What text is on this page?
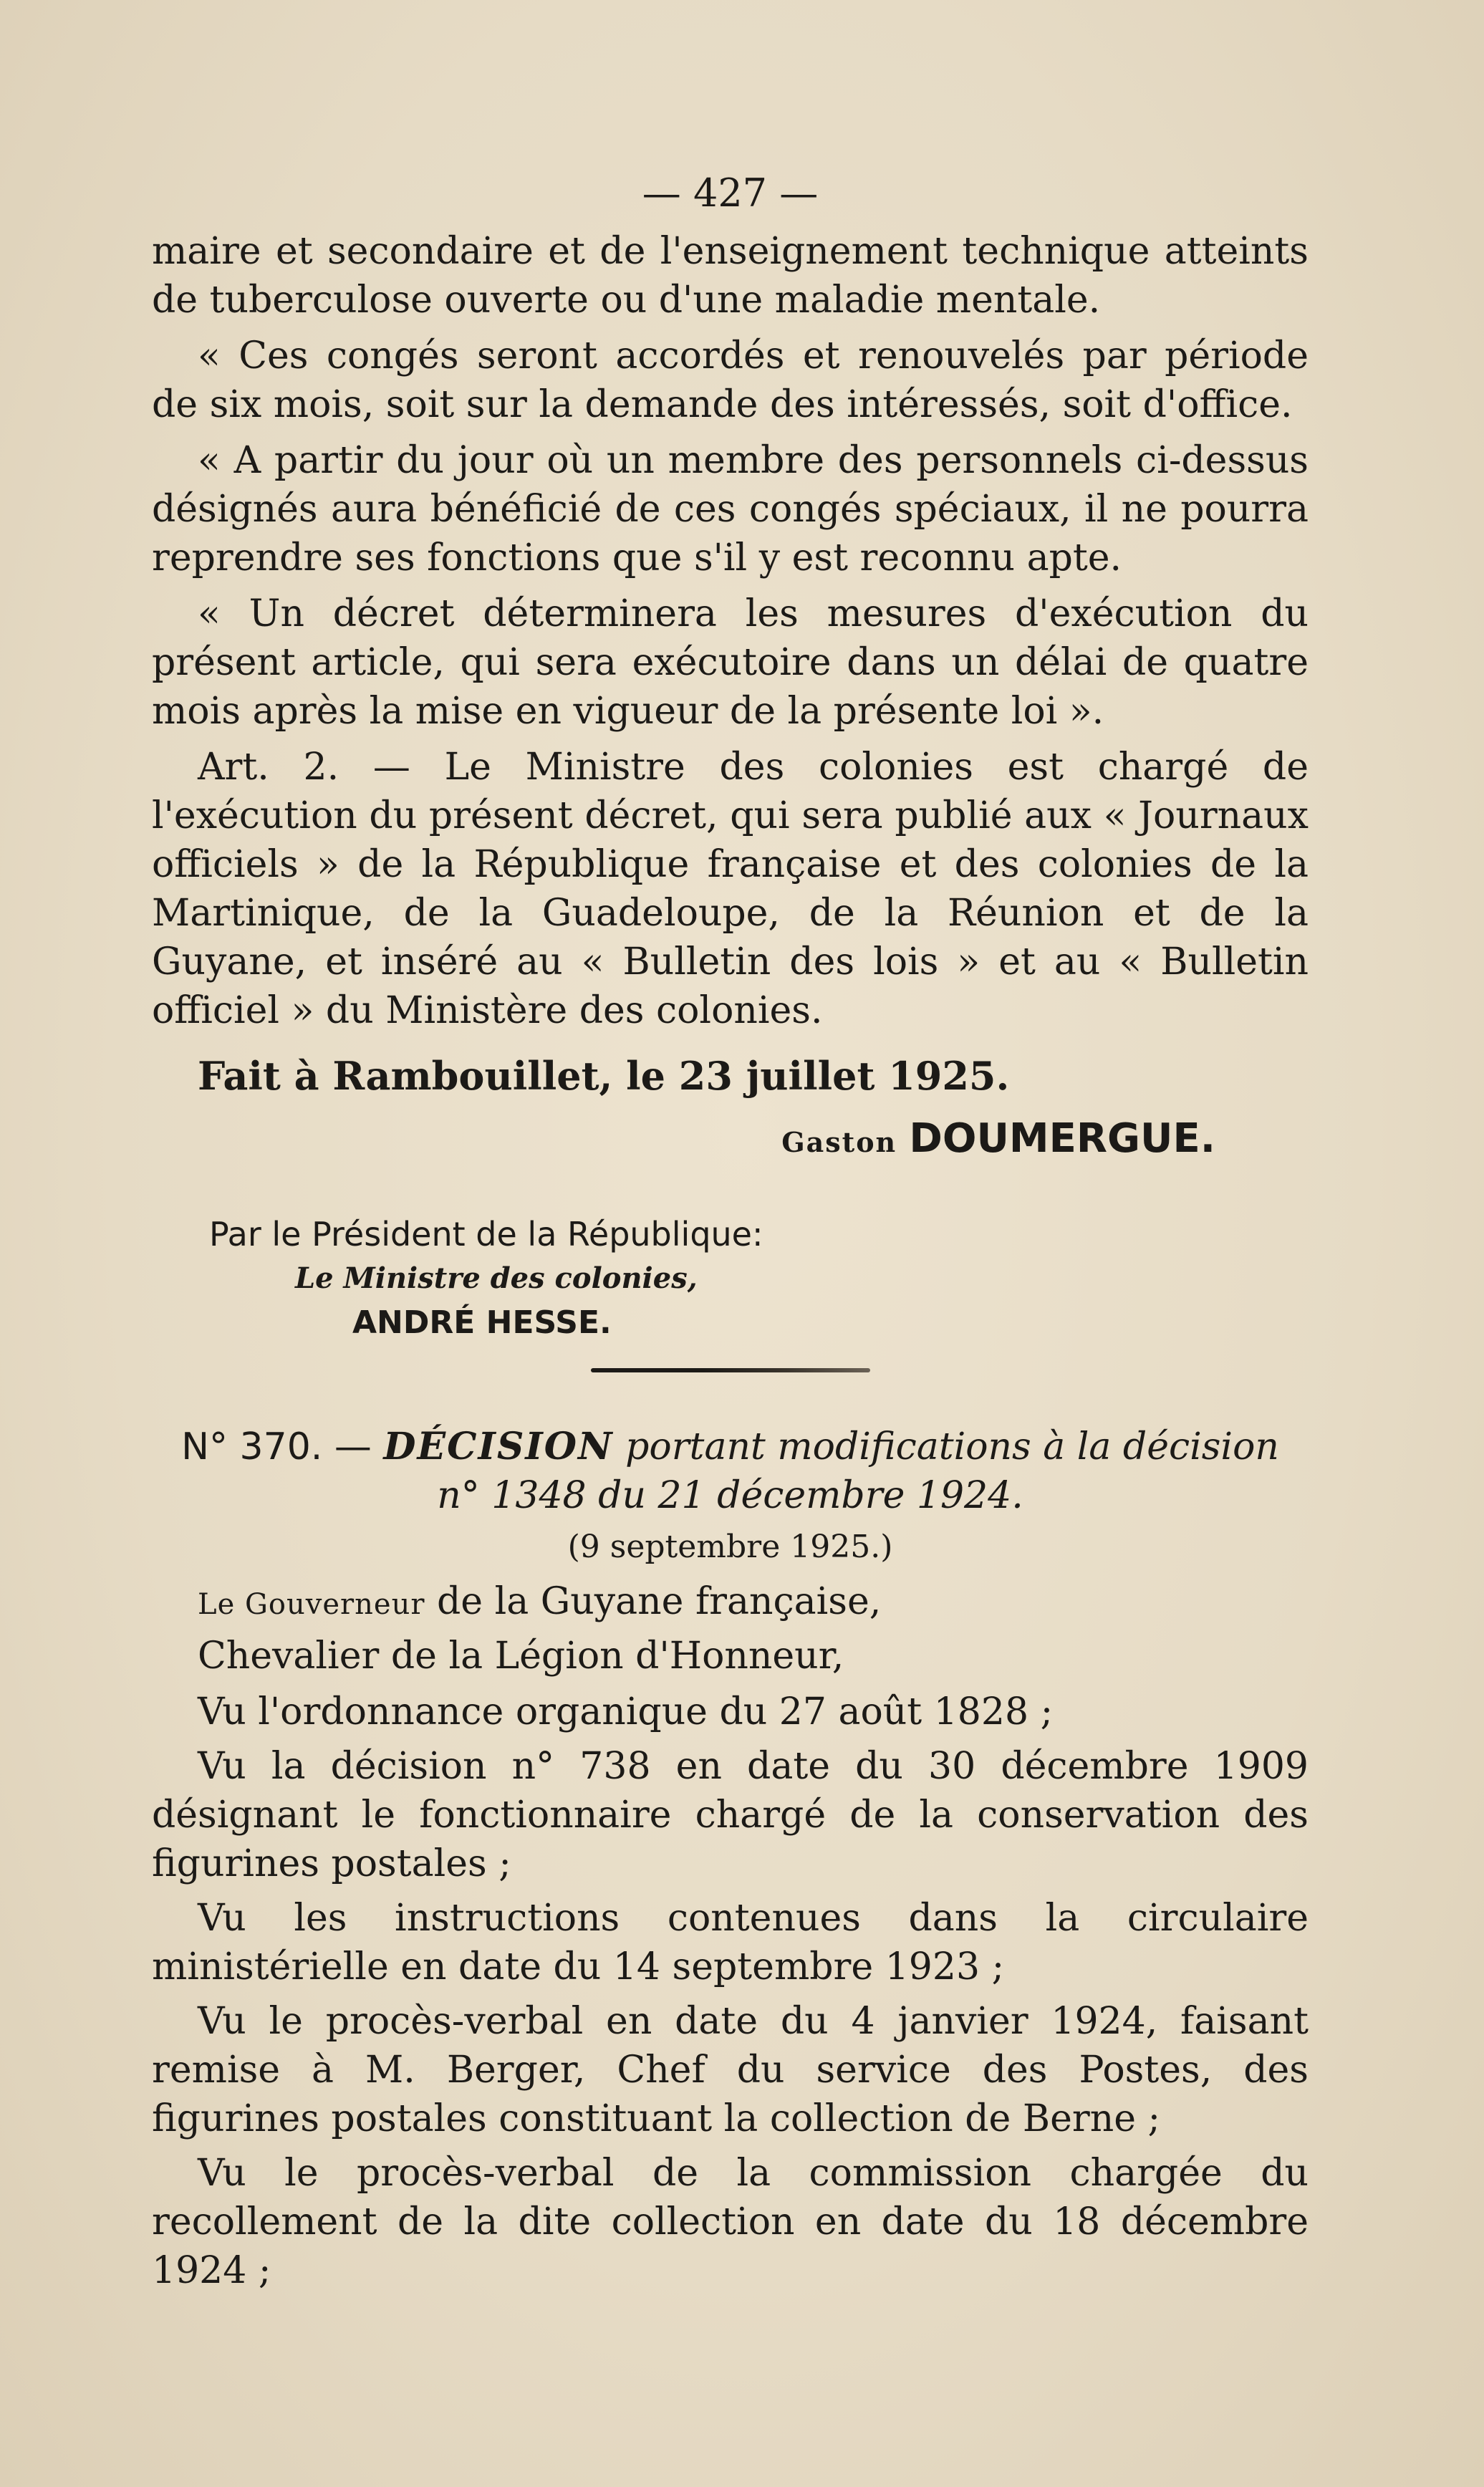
— 427 —

maire et secondaire et de l'enseignement technique atteints de tuberculose ouverte ou d'une maladie mentale.

« Ces congés seront accordés et renouvelés par période de six mois, soit sur la demande des intéressés, soit d'office.

« A partir du jour où un membre des personnels ci-dessus désignés aura bénéficié de ces congés spéciaux, il ne pourra reprendre ses fonctions que s'il y est reconnu apte.

« Un décret déterminera les mesures d'exécution du présent article, qui sera exécutoire dans un délai de quatre mois après la mise en vigueur de la présente loi ».

Art. 2. — Le Ministre des colonies est chargé de l'exécution du présent décret, qui sera publié aux « Journaux officiels » de la République française et des colonies de la Martinique, de la Guadeloupe, de la Réunion et de la Guyane, et inséré au « Bulletin des lois » et au « Bulletin officiel » du Ministère des colonies.

Fait à Rambouillet, le 23 juillet 1925.
Gaston DOUMERGUE.
Par le Président de la République:
Le Ministre des colonies,
ANDRÉ HESSE.
N° 370. — DÉCISION portant modifications à la décision
n° 1348 du 21 décembre 1924.
(9 septembre 1925.)
Le Gouverneur de la Guyane française,
Chevalier de la Légion d'Honneur,

Vu l'ordonnance organique du 27 août 1828 ;

Vu la décision n° 738 en date du 30 décembre 1909 désignant le fonctionnaire chargé de la conservation des figurines postales ;

Vu les instructions contenues dans la circulaire ministérielle en date du 14 septembre 1923 ;

Vu le procès-verbal en date du 4 janvier 1924, faisant remise à M. Berger, Chef du service des Postes, des figurines postales constituant la collection de Berne ;

Vu le procès-verbal de la commission chargée du recollement de la dite collection en date du 18 décembre 1924 ;
